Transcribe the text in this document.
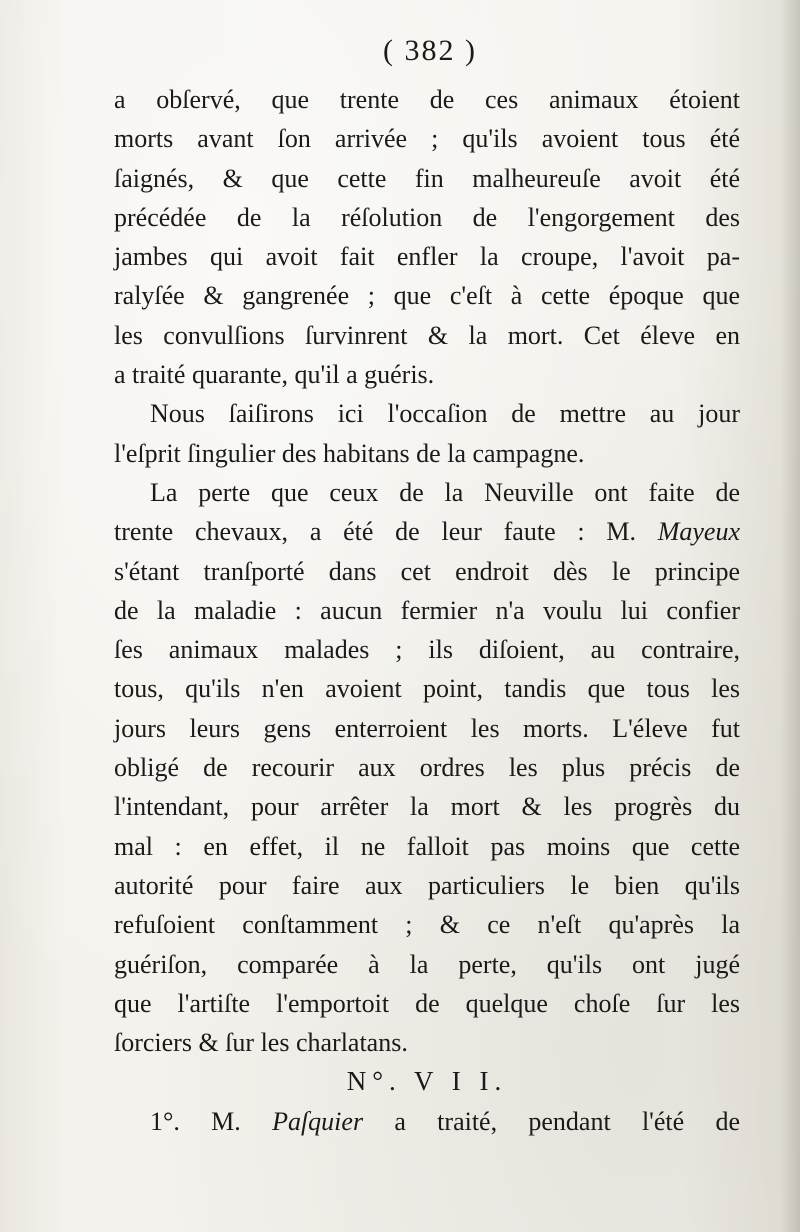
( 382 )
a obſervé, que trente de ces animaux étoient
morts avant ſon arrivée ; qu'ils avoient tous été
ſaignés, & que cette fin malheureuſe avoit été
précédée de la réſolution de l'engorgement des
jambes qui avoit fait enfler la croupe, l'avoit pa-
ralyſée & gangrenée ; que c'eſt à cette époque que
les convulſions ſurvinrent & la mort. Cet éleve en
a traité quarante, qu'il a guéris.
Nous ſaiſirons ici l'occaſion de mettre au jour
l'eſprit ſingulier des habitans de la campagne.
La perte que ceux de la Neuville ont faite de
trente chevaux, a été de leur faute : M. Mayeux
s'étant tranſporté dans cet endroit dès le principe
de la maladie : aucun fermier n'a voulu lui confier
ſes animaux malades ; ils diſoient, au contraire,
tous, qu'ils n'en avoient point, tandis que tous les
jours leurs gens enterroient les morts. L'éleve fut
obligé de recourir aux ordres les plus précis de
l'intendant, pour arrêter la mort & les progrès du
mal : en effet, il ne falloit pas moins que cette
autorité pour faire aux particuliers le bien qu'ils
refuſoient conſtamment ; & ce n'eſt qu'après la
guériſon, comparée à la perte, qu'ils ont jugé
que l'artiſte l'emportoit de quelque choſe ſur les
ſorciers & ſur les charlatans.
N°. V I I.
1°. M. Paſquier a traité, pendant l'été de
